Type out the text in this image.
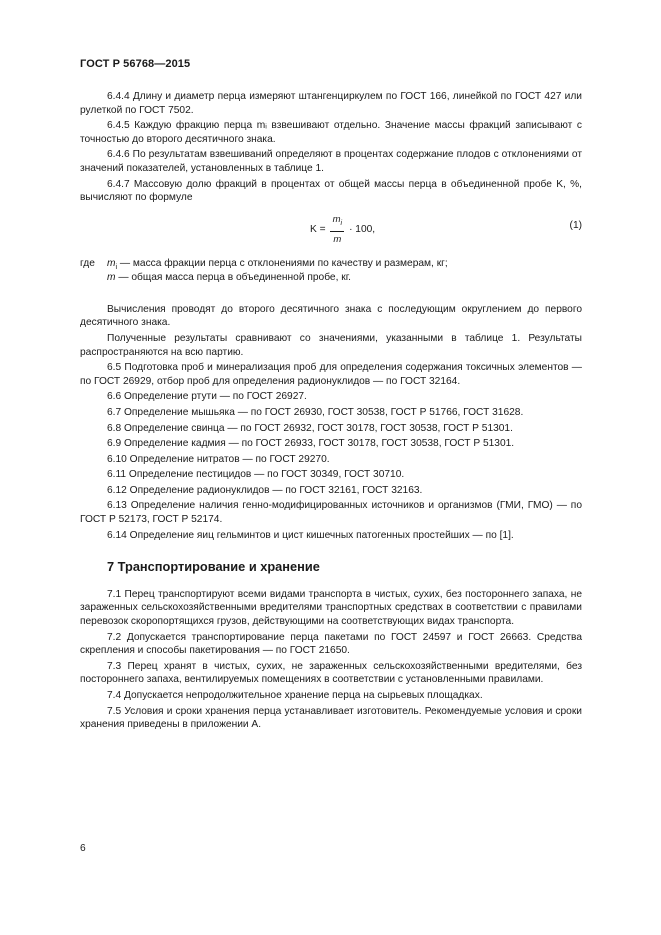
ГОСТ Р 56768—2015

6.4.4 Длину и диаметр перца измеряют штангенциркулем по ГОСТ 166, линейкой по ГОСТ 427 или рулеткой по ГОСТ 7502.

6.4.5 Каждую фракцию перца mᵢ взвешивают отдельно. Значение массы фракций записывают с точностью до второго десятичного знака.

6.4.6 По результатам взвешиваний определяют в процентах содержание плодов с отклонениями от значений показателей, установленных в таблице 1.

6.4.7 Массовую долю фракций в процентах от общей массы перца в объединенной пробе K, %, вычисляют по формуле

$K = \frac{m_i}{m} \cdot 100$,	(1)
где $m_i$ — масса фракции перца с отклонениями по качеству и размерам, кг;
m — общая масса перца в объединенной пробе, кг.

Вычисления проводят до второго десятичного знака с последующим округлением до первого десятичного знака.

Полученные результаты сравнивают со значениями, указанными в таблице 1. Результаты распространяются на всю партию.

6.5 Подготовка проб и минерализация проб для определения содержания токсичных элементов — по ГОСТ 26929, отбор проб для определения радионуклидов — по ГОСТ 32164.

6.6 Определение ртути — по ГОСТ 26927.

6.7 Определение мышьяка — по ГОСТ 26930, ГОСТ 30538, ГОСТ Р 51766, ГОСТ 31628.

6.8 Определение свинца — по ГОСТ 26932, ГОСТ 30178, ГОСТ 30538, ГОСТ Р 51301.

6.9 Определение кадмия — по ГОСТ 26933, ГОСТ 30178, ГОСТ 30538, ГОСТ Р 51301.

6.10 Определение нитратов — по ГОСТ 29270.

6.11 Определение пестицидов — по ГОСТ 30349, ГОСТ 30710.

6.12 Определение радионуклидов — по ГОСТ 32161, ГОСТ 32163.

6.13 Определение наличия генно-модифицированных источников и организмов (ГМИ, ГМО) — по ГОСТ Р 52173, ГОСТ Р 52174.

6.14 Определение яиц гельминтов и цист кишечных патогенных простейших — по [1].

7 Транспортирование и хранение

7.1 Перец транспортируют всеми видами транспорта в чистых, сухих, без постороннего запаха, не зараженных сельскохозяйственными вредителями транспортных средствах в соответствии с правилами перевозок скоропортящихся грузов, действующими на соответствующих видах транспорта.

7.2 Допускается транспортирование перца пакетами по ГОСТ 24597 и ГОСТ 26663. Средства скрепления и способы пакетирования — по ГОСТ 21650.

7.3 Перец хранят в чистых, сухих, не зараженных сельскохозяйственными вредителями, без постороннего запаха, вентилируемых помещениях в соответствии с установленными правилами.

7.4 Допускается непродолжительное хранение перца на сырьевых площадках.

7.5 Условия и сроки хранения перца устанавливает изготовитель. Рекомендуемые условия и сроки хранения приведены в приложении А.

6
